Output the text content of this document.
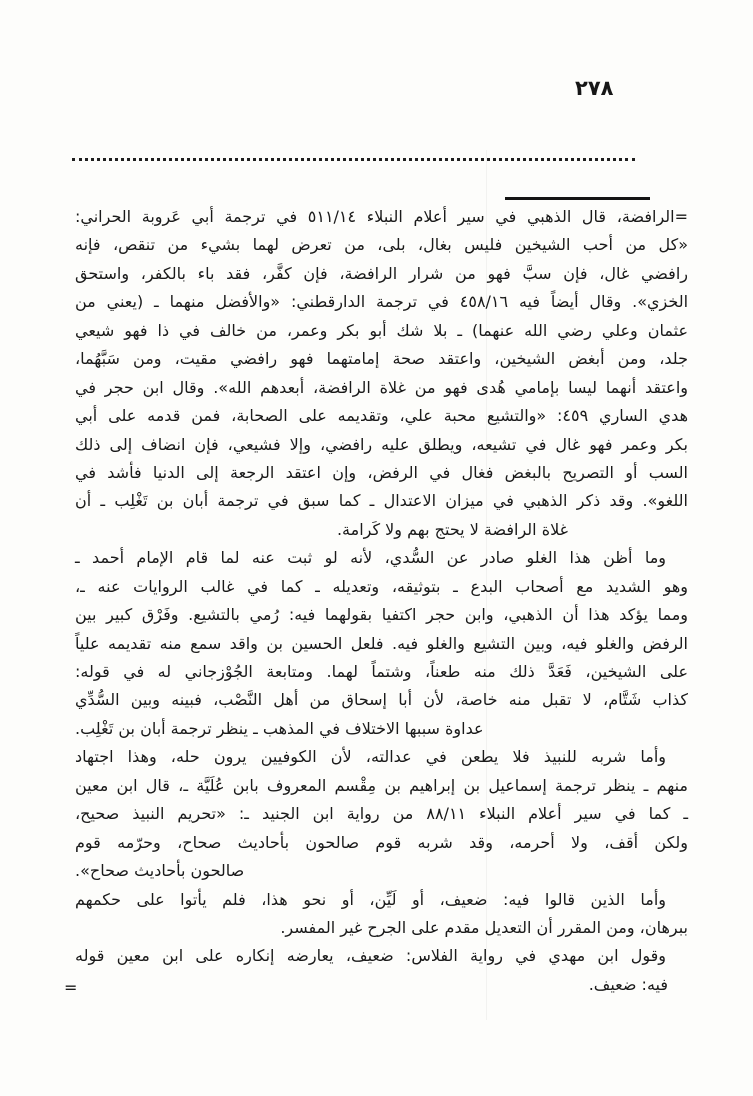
٢٧٨
=الرافضة، قال الذهبي في سير أعلام النبلاء ٥١١/١٤ في ترجمة أبي عَروبة الحراني:
«كل من أحب الشيخين فليس بغال، بلى، من تعرض لهما بشيء من تنقص، فإنه
رافضي غال، فإن سبَّ فهو من شرار الرافضة، فإن كفَّر، فقد باء بالكفر، واستحق
الخزي». وقال أيضاً فيه ٤٥٨/١٦ في ترجمة الدارقطني: «والأفضل منهما ـ (يعني من
عثمان وعلي رضي الله عنهما) ـ بلا شك أبو بكر وعمر، من خالف في ذا فهو شيعي
جلد، ومن أبغض الشيخين، واعتقد صحة إمامتهما فهو رافضي مقيت، ومن سَبَّهُما،
واعتقد أنهما ليسا بإمامي هُدى فهو من غلاة الرافضة، أبعدهم الله». وقال ابن حجر في
هدي الساري ٤٥٩: «والتشيع محبة علي، وتقديمه على الصحابة، فمن قدمه على أبي
بكر وعمر فهو غال في تشيعه، ويطلق عليه رافضي، وإلا فشيعي، فإن انضاف إلى ذلك
السب أو التصريح بالبغض فغال في الرفض، وإن اعتقد الرجعة إلى الدنيا فأشد في
اللغو». وقد ذكر الذهبي في ميزان الاعتدال ـ كما سبق في ترجمة أبان بن تَغْلِب ـ أن
غلاة الرافضة لا يحتج بهم ولا كَرامة.
وما أظن هذا الغلو صادر عن السُّدي، لأنه لو ثبت عنه لما قام الإمام أحمد ـ
وهو الشديد مع أصحاب البدع ـ بتوثيقه، وتعديله ـ كما في غالب الروايات عنه ـ،
ومما يؤكد هذا أن الذهبي، وابن حجر اكتفيا بقولهما فيه: رُمي بالتشيع. وفَرْق كبير بين
الرفض والغلو فيه، وبين التشيع والغلو فيه. فلعل الحسين بن واقد سمع منه تقديمه علياً
على الشيخين، فَعَدَّ ذلك منه طعناً، وشتماً لهما. ومتابعة الجُوْزجاني له في قوله:
كذاب شَتَّام، لا تقبل منه خاصة، لأن أبا إسحاق من أهل النَّصْب، فبينه وبين السُّدِّي
عداوة سببها الاختلاف في المذهب ـ ينظر ترجمة أبان بن تَغْلِب.
وأما شربه للنبيذ فلا يطعن في عدالته، لأن الكوفيين يرون حله، وهذا اجتهاد
منهم ـ ينظر ترجمة إسماعيل بن إبراهيم بن مِقْسم المعروف بابن عُلَيَّة ـ، قال ابن معين
ـ كما في سير أعلام النبلاء ٨٨/١١ من رواية ابن الجنيد ـ: «تحريم النبيذ صحيح،
ولكن أقف، ولا أحرمه، وقد شربه قوم صالحون بأحاديث صحاح، وحرّمه قوم
صالحون بأحاديث صحاح».
وأما الذين قالوا فيه: ضعيف، أو لَيِّن، أو نحو هذا، فلم يأتوا على حكمهم
ببرهان، ومن المقرر أن التعديل مقدم على الجرح غير المفسر.
وقول ابن مهدي في رواية الفلاس: ضعيف، يعارضه إنكاره على ابن معين قوله
فيه: ضعيف.
=
